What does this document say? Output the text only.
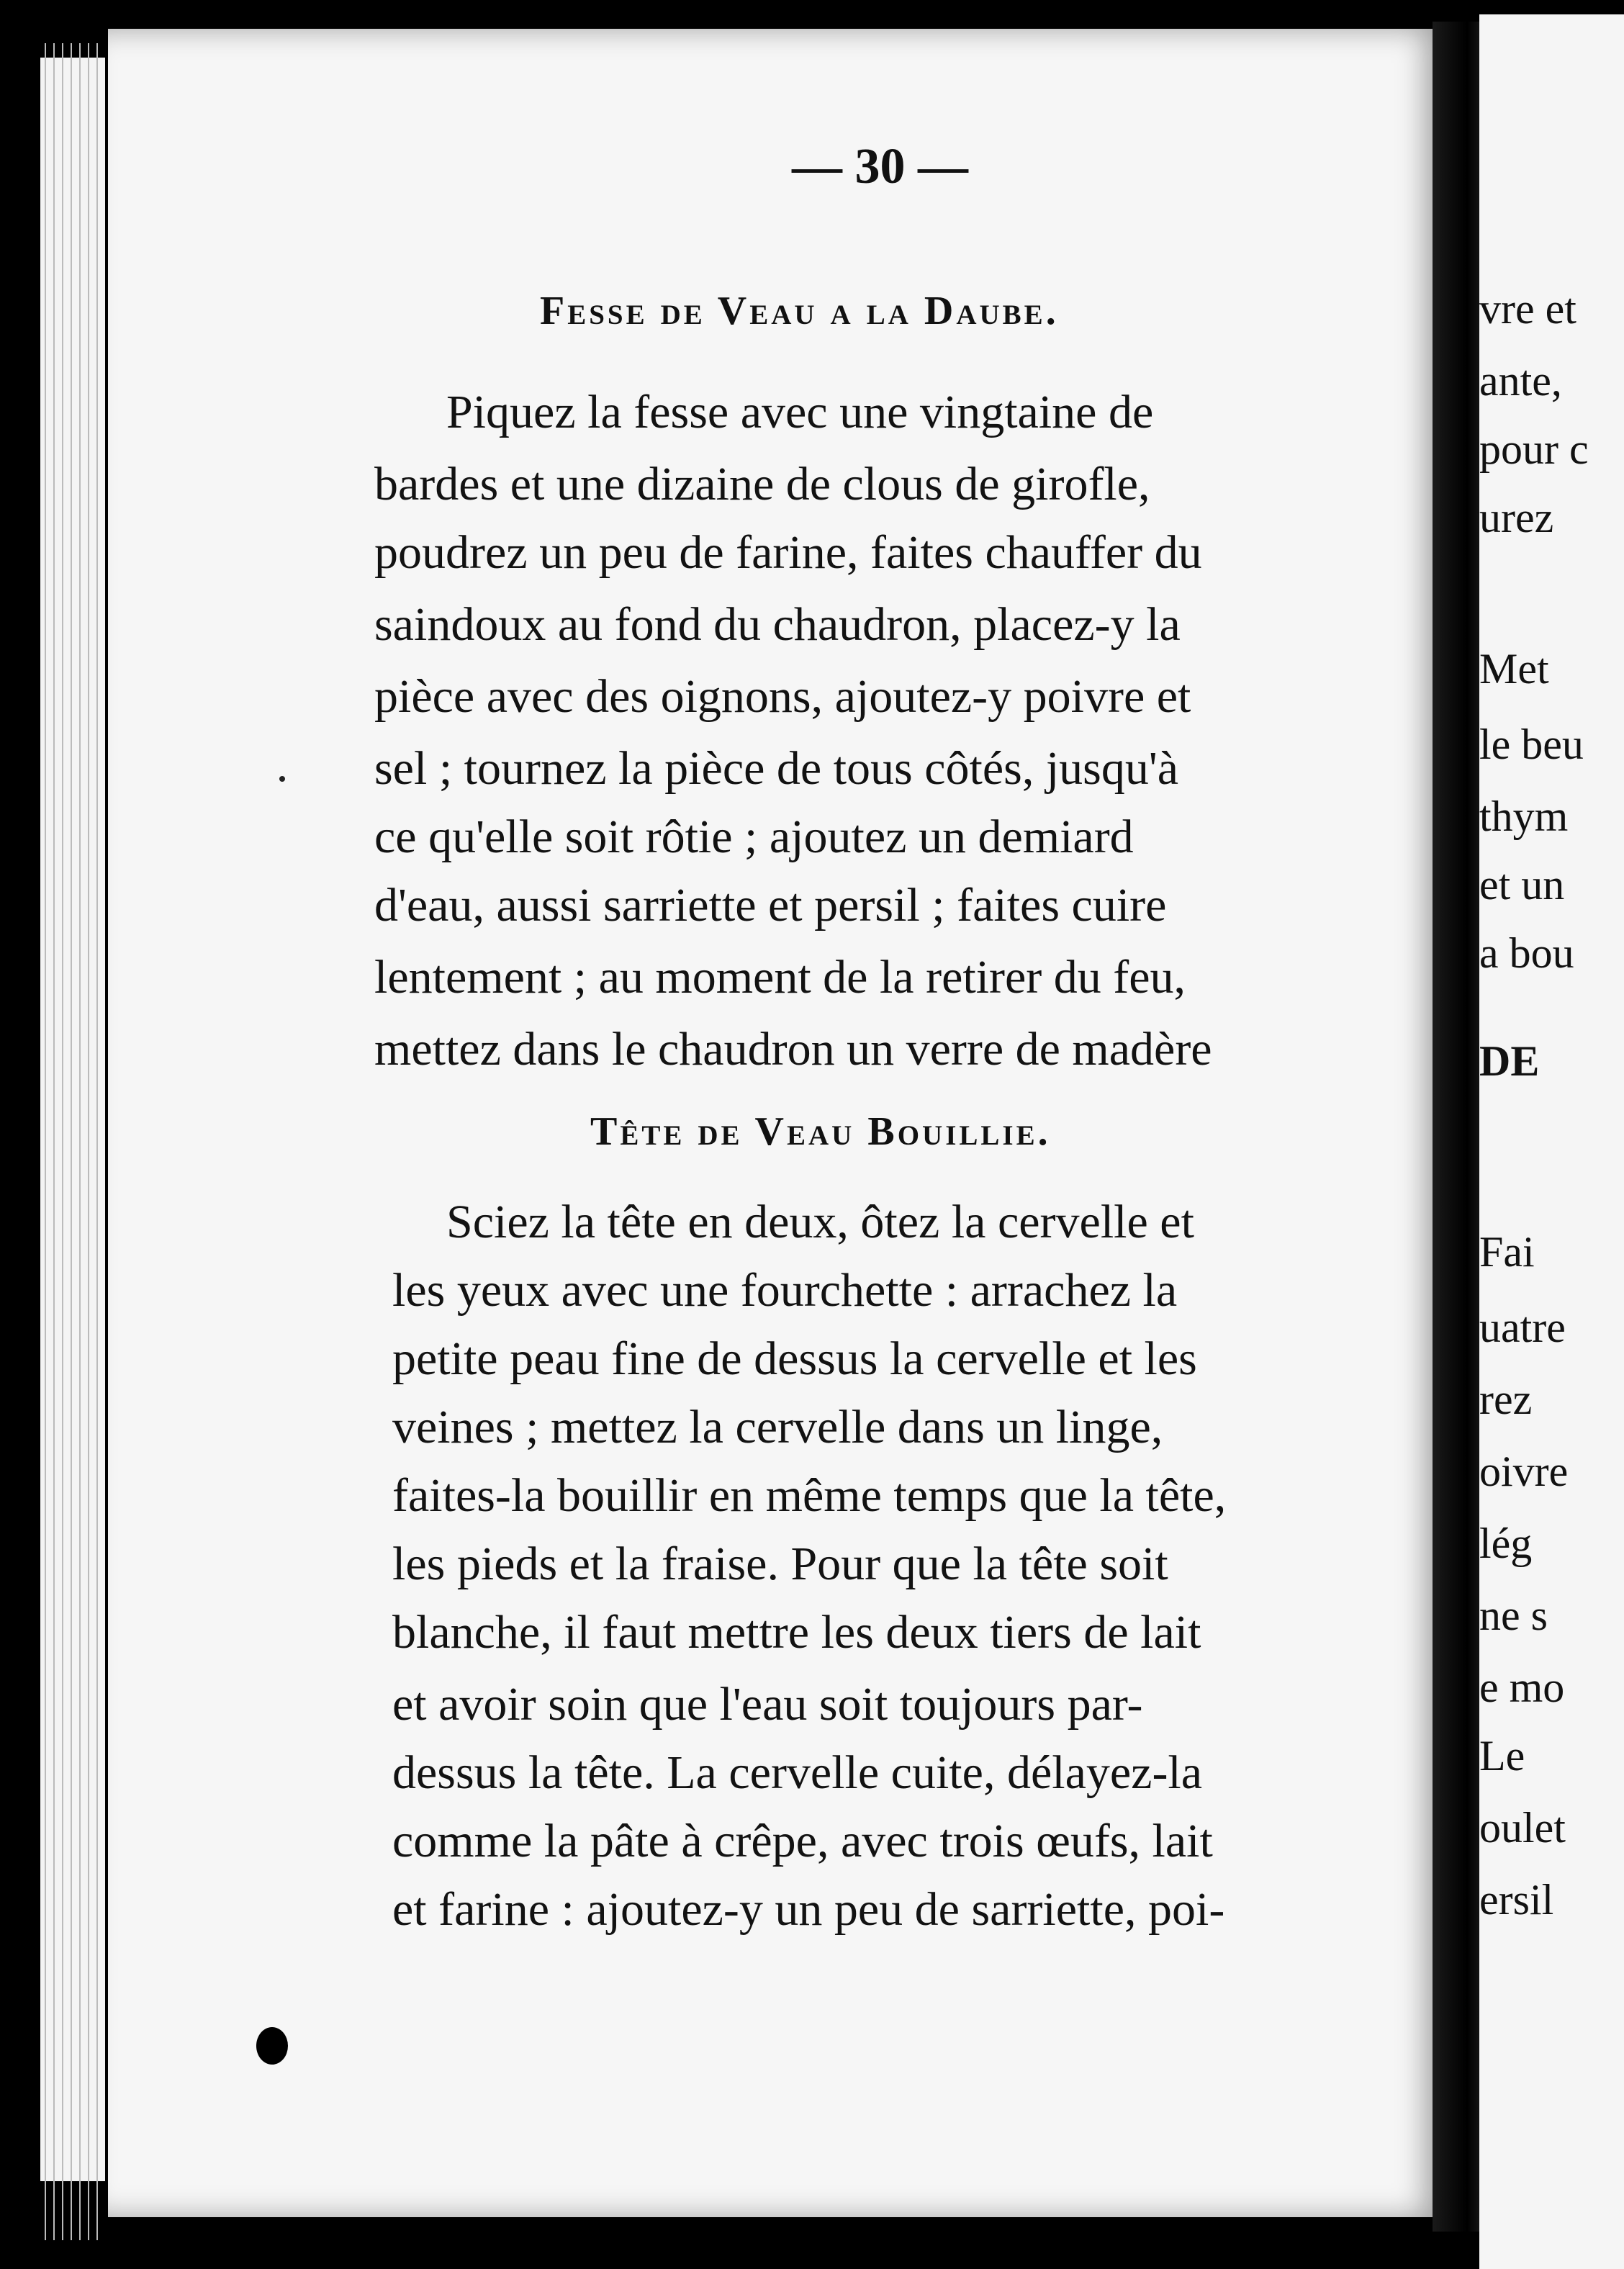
vre et
ante,
pour c
urez
Met
le beu
thym
et un
a bou
DE
Fai
uatre
rez
oivre
lég
ne s
e mo
Le
oulet
ersil
— 30 —
Fesse de Veau a la Daube.
Piquez la fesse avec une vingtaine de
bardes et une dizaine de clous de girofle,
poudrez un peu de farine, faites chauffer du
saindoux au fond du chaudron, placez-y la
pièce avec des oignons, ajoutez-y poivre et
sel ; tournez la pièce de tous côtés, jusqu'à
ce qu'elle soit rôtie ; ajoutez un demiard
d'eau, aussi sarriette et persil ; faites cuire
lentement ; au moment de la retirer du feu,
mettez dans le chaudron un verre de madère
Tête de Veau Bouillie.
Sciez la tête en deux, ôtez la cervelle et
les yeux avec une fourchette : arrachez la
petite peau fine de dessus la cervelle et les
veines ; mettez la cervelle dans un linge,
faites-la bouillir en même temps que la tête,
les pieds et la fraise. Pour que la tête soit
blanche, il faut mettre les deux tiers de lait
et avoir soin que l'eau soit toujours par-
dessus la tête. La cervelle cuite, délayez-la
comme la pâte à crêpe, avec trois œufs, lait
et farine : ajoutez-y un peu de sarriette, poi-
